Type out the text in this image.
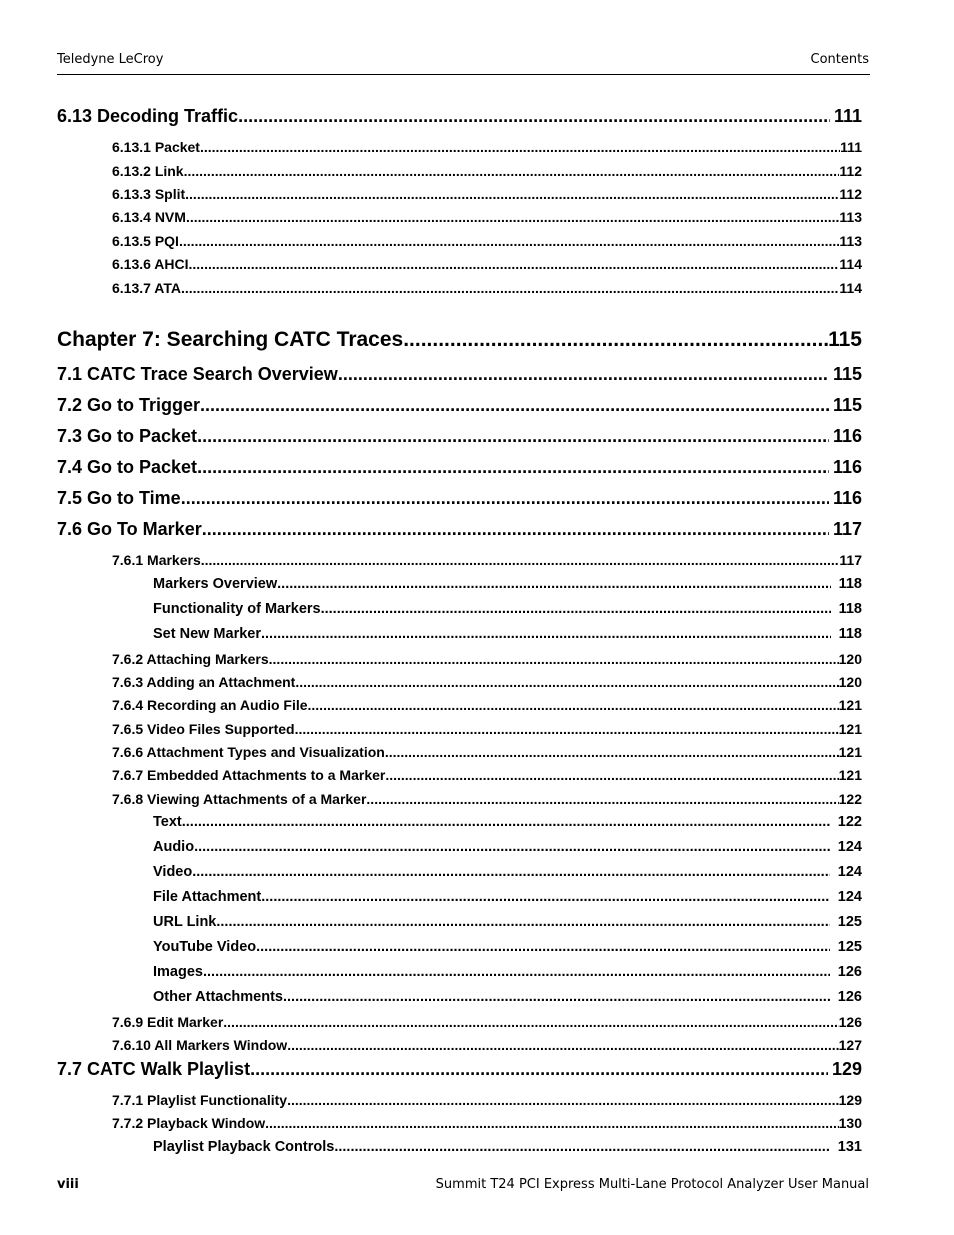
Teledyne LeCroy	Contents
6.13 Decoding Traffic .....	111
6.13.1 Packet .....	111
6.13.2 Link .....	112
6.13.3 Split .....	112
6.13.4 NVM .....	113
6.13.5 PQI .....	113
6.13.6 AHCI .....	114
6.13.7 ATA .....	114
Chapter 7: Searching CATC Traces .....	115
7.1 CATC Trace Search Overview .....	115
7.2 Go to Trigger .....	115
7.3 Go to Packet .....	116
7.4 Go to Packet .....	116
7.5 Go to Time .....	116
7.6 Go To Marker .....	117
7.6.1 Markers .....	117
Markers Overview .....	118
Functionality of Markers .....	118
Set New Marker .....	118
7.6.2 Attaching Markers .....	120
7.6.3 Adding an Attachment .....	120
7.6.4 Recording an Audio File .....	121
7.6.5 Video Files Supported .....	121
7.6.6 Attachment Types and Visualization .....	121
7.6.7 Embedded Attachments to a Marker .....	121
7.6.8 Viewing Attachments of a Marker .....	122
Text .....	122
Audio .....	124
Video .....	124
File Attachment .....	124
URL Link .....	125
YouTube Video .....	125
Images .....	126
Other Attachments .....	126
7.6.9 Edit Marker .....	126
7.6.10 All Markers Window .....	127
7.7 CATC Walk Playlist .....	129
7.7.1 Playlist Functionality .....	129
7.7.2 Playback Window .....	130
Playlist Playback Controls .....	131
viii	Summit T24 PCI Express Multi-Lane Protocol Analyzer User Manual
